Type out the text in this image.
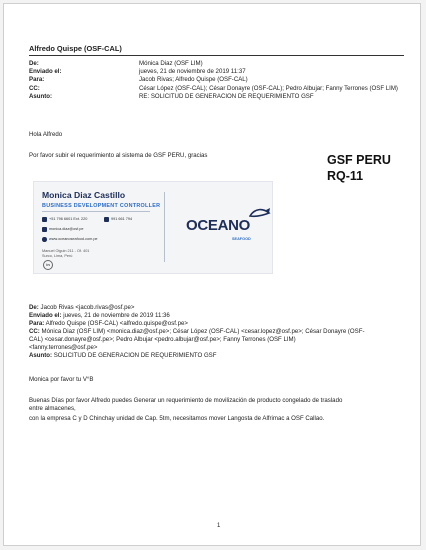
Alfredo Quispe (OSF-CAL)
De:	Mónica Diaz (OSF LIM)
Enviado el:	jueves, 21 de noviembre de 2019 11:37
Para:	Jacob Rivas; Alfredo Quispe (OSF-CAL)
CC:	César López (OSF-CAL); César Donayre (OSF-CAL); Pedro Albujar; Fanny Terrones (OSF LIM)
Asunto:	RE: SOLICITUD DE GENERACION DE REQUERIMIENTO GSF
Hola Alfredo
Por favor subir el requerimiento al sistema de GSF PERU, gracias	GSF PERU
RQ-11
Monica Diaz Castillo
BUSINESS DEVELOPMENT CONTROLLER
+51 796 6601 Ext. 220	991 661 794
monica.diaz@osf.pe
www.oceanoseafood.com.pe
Manuel Olguin 211 - Of. 401
Surco, Lima, Perú
in
OCEANO
SEAFOOD
De: Jacob Rivas <jacob.rivas@osf.pe>
Enviado el: jueves, 21 de noviembre de 2019 11:36
Para: Alfredo Quispe (OSF-CAL) <alfredo.quispe@osf.pe>
CC: Mónica Diaz (OSF LIM) <monica.diaz@osf.pe>; César López (OSF-CAL) <cesar.lopez@osf.pe>; César Donayre (OSF-
CAL) <cesar.donayre@osf.pe>; Pedro Albujar <pedro.albujar@osf.pe>; Fanny Terrones (OSF LIM)
<fanny.terrones@osf.pe>
Asunto: SOLICITUD DE GENERACION DE REQUERIMIENTO GSF
Monica por favor tu V°B
Buenas Días por favor Alfredo puedes Generar un requerimiento de movilización de producto congelado de traslado
entre almacenes,
con la empresa C y D Chinchay unidad de Cap. 5tm, necesitamos mover Langosta de Alfrimac a OSF Callao.
1
